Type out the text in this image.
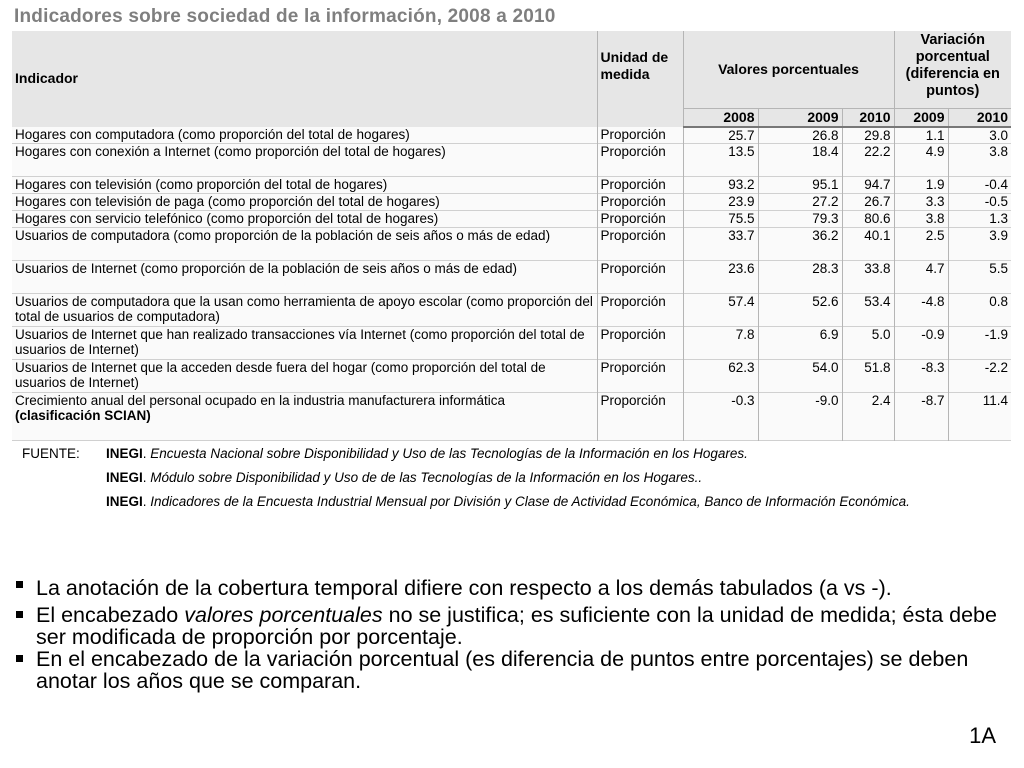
Indicadores sobre sociedad de la información, 2008 a 2010
Indicador	Unidad de medida	Valores porcentuales			Variación porcentual (diferencia en puntos)	
		2008	2009	2010	2009	2010
Hogares con computadora (como proporción del total de hogares)	Proporción	25.7	26.8	29.8	1.1	3.0
Hogares con conexión a Internet (como proporción del total de hogares)	Proporción	13.5	18.4	22.2	4.9	3.8
Hogares con televisión (como proporción del total de hogares)	Proporción	93.2	95.1	94.7	1.9	-0.4
Hogares con televisión de paga (como proporción del total de hogares)	Proporción	23.9	27.2	26.7	3.3	-0.5
Hogares con servicio telefónico (como proporción del total de hogares)	Proporción	75.5	79.3	80.6	3.8	1.3
Usuarios de computadora (como proporción de la población de seis años o más de edad)	Proporción	33.7	36.2	40.1	2.5	3.9
Usuarios de Internet (como proporción de la población de seis años o más de edad)	Proporción	23.6	28.3	33.8	4.7	5.5
Usuarios de computadora que la usan como herramienta de apoyo escolar (como proporción del total de usuarios de computadora)	Proporción	57.4	52.6	53.4	-4.8	0.8
Usuarios de Internet que han realizado transacciones vía Internet (como proporción del total de usuarios de Internet)	Proporción	7.8	6.9	5.0	-0.9	-1.9
Usuarios de Internet que la acceden desde fuera del hogar (como proporción del total de usuarios de Internet)	Proporción	62.3	54.0	51.8	-8.3	-2.2
Crecimiento anual del personal ocupado en la industria manufacturera informática
(clasificación SCIAN)	Proporción	-0.3	-9.0	2.4	-8.7	11.4
FUENTE: INEGI. Encuesta Nacional sobre Disponibilidad y Uso de las Tecnologías de la Información en los Hogares.
INEGI. Módulo sobre Disponibilidad y Uso de de las Tecnologías de la Información en los Hogares..
INEGI. Indicadores de la Encuesta Industrial Mensual por División y Clase de Actividad Económica, Banco de Información Económica.
La anotación de la cobertura temporal difiere con respecto a los demás tabulados (a vs -).
El encabezado valores porcentuales no se justifica; es suficiente con la unidad de medida; ésta debe ser modificada de proporción por porcentaje.
En el encabezado de la variación porcentual (es diferencia de puntos entre porcentajes) se deben anotar los años que se comparan.
1A
